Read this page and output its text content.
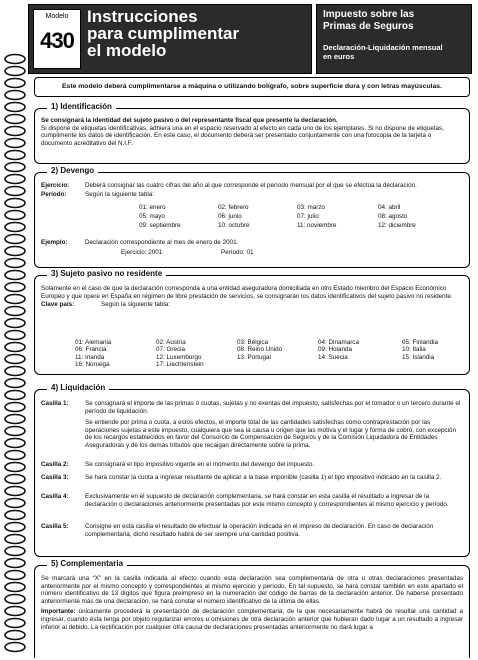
Modelo
430
Instrucciones
para cumplimentar
el modelo
Impuesto sobre las
Primas de Seguros
Declaración-Liquidación mensual
en euros
Este modelo deberá cumplimentarse a máquina o utilizando bolígrafo, sobre superficie dura y con letras mayúsculas.
1) Identificación

Se consignará la identidad del sujeto pasivo o del representante fiscal que presente la declaración.

Si dispone de etiquetas identificativas, adhiera una en el espacio reservado al efecto en cada uno de los ejemplares. Si no dispone de etiquetas, cumplimente los datos de identificación. En este caso, el documento deberá ser presentado conjuntamente con una fotocopia de la tarjeta o documento acreditativo del N.I.F.

2) Devengo
Ejercicio: Deberá consignar las cuatro cifras del año al que corresponde el período mensual por el que se efectúa la declaración.
Período:	Según la siguiente tabla:
01: enero	02: febrero	03: marzo	04: abril
05: mayo	06: junio	07: julio	08: agosto
09: septiembre	10: octubre	11: noviembre	12: diciembre
Ejemplo:	Declaración correspondiente al mes de enero de 2001.
Ejercicio: 2001	Período: 01
3) Sujeto pasivo no residente

Solamente en el caso de que la declaración corresponda a una entidad aseguradora domiciliada en otro Estado miembro del Espacio Económico Europeo y que opere en España en régimen de libre prestación de servicios, se consignarán los datos identificativos del sujeto pasivo no residente.

Clave país:	Según la siguiente tabla:
01: Alemania	02: Austria	03: Bélgica	04: Dinamarca	05: Finlandia
06: Francia	07: Grecia	08: Reino Unido	09: Holanda	10: Italia
11: Irlanda	12: Luxemburgo	13: Portugal	14: Suecia	15: Islandia
16: Noruega	17: Liechtenstein
4) Liquidación
Casilla 1:	Se consignará el importe de las primas o cuotas, sujetas y no exentas del impuesto, satisfechas por el tomador o un tercero durante el período de liquidación.

Se entiende por prima o cuota, a estos efectos, el importe total de las cantidades satisfechas como contraprestación por las operaciones sujetas a este impuesto, cualquiera que sea la causa u origen que las motiva y el lugar y forma de cobro, con excepción de los recargos establecidos en favor del Consorcio de Compensación de Seguros y de la Comisión Liquidadora de Entidades Aseguradoras y de los demás tributos que recaigan directamente sobre la prima.

Casilla 2:	Se consignará el tipo impositivo vigente en el momento del devengo del impuesto.

Casilla 3:	Se hará constar la cuota a ingresar resultante de aplicar a la base imponible (casilla 1) el tipo impositivo indicado en la casilla 2.

Casilla 4:	Exclusivamente en el supuesto de declaración complementaria, se hará constar en esta casilla el resultado a ingresar de la declaración o declaraciones anteriormente presentadas por este mismo concepto y correspondientes al mismo ejercicio y período.

Casilla 5:	Consigne en esta casilla el resultado de efectuar la operación indicada en el impreso de declaración. En caso de declaración complementaria, dicho resultado habrá de ser siempre una cantidad positiva.

5) Complementaria

Se marcará una “X” en la casilla indicada al efecto cuando esta declaración sea complementaria de otra u otras declaraciones presentadas anteriormente por el mismo concepto y correspondientes al mismo ejercicio y período. En tal supuesto, se hará constar también en este apartado el número identificativo de 13 dígitos que figura preimpreso en la numeración del código de barras de la declaración anterior. De haberse presentado anteriormente más de una declaración, se hará constar el número identificativo de la última de ellas.

Importante: únicamente procederá la presentación de declaración complementaria, de la que necesariamente habrá de resultar una cantidad a ingresar, cuando ésta tenga por objeto regularizar errores u omisiones de otra declaración anterior que hubieran dado lugar a un resultado a ingresar inferior al debido. La rectificación por cualquier otra causa de declaraciones presentadas anteriormente no dará lugar a
